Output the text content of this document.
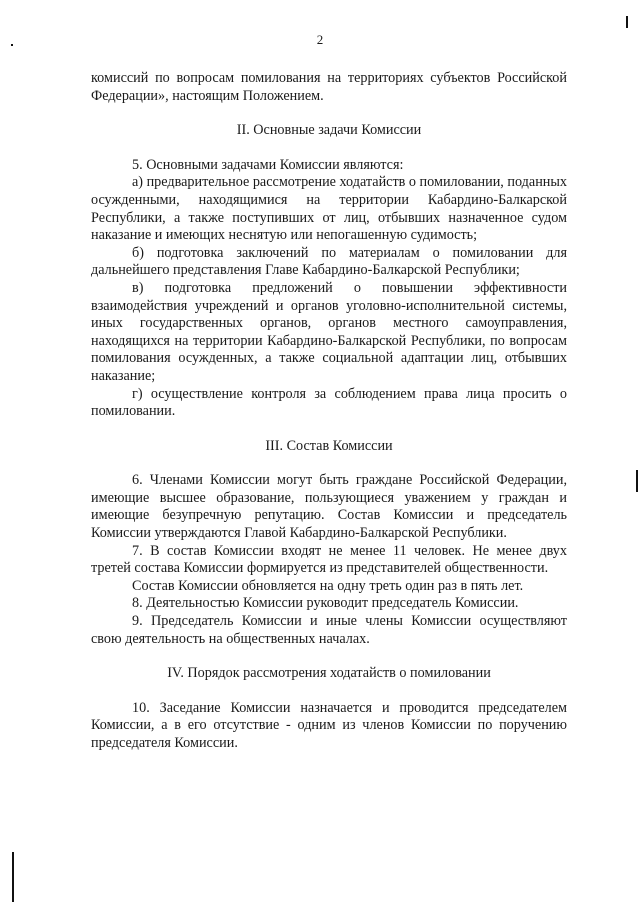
2

комиссий по вопросам помилования на территориях субъектов Российской Федерации», настоящим Положением.

II. Основные задачи Комиссии

5. Основными задачами Комиссии являются:

а) предварительное рассмотрение ходатайств о помиловании, поданных осужденными, находящимися на территории Кабардино-Балкарской Республики, а также поступивших от лиц, отбывших назначенное судом наказание и имеющих неснятую или непогашенную судимость;

б) подготовка заключений по материалам о помиловании для дальнейшего представления Главе Кабардино-Балкарской Республики;

в) подготовка предложений о повышении эффективности взаимодействия учреждений и органов уголовно-исполнительной системы, иных государственных органов, органов местного самоуправления, находящихся на территории Кабардино-Балкарской Республики, по вопросам помилования осужденных, а также социальной адаптации лиц, отбывших наказание;

г) осуществление контроля за соблюдением права лица просить о помиловании.

III. Состав Комиссии

6. Членами Комиссии могут быть граждане Российской Федерации, имеющие высшее образование, пользующиеся уважением у граждан и имеющие безупречную репутацию. Состав Комиссии и председатель Комиссии утверждаются Главой Кабардино-Балкарской Республики.

7. В состав Комиссии входят не менее 11 человек. Не менее двух третей состава Комиссии формируется из представителей общественности.

Состав Комиссии обновляется на одну треть один раз в пять лет.

8. Деятельностью Комиссии руководит председатель Комиссии.

9. Председатель Комиссии и иные члены Комиссии осуществляют свою деятельность на общественных началах.

IV. Порядок рассмотрения ходатайств о помиловании

10. Заседание Комиссии назначается и проводится председателем Комиссии, а в его отсутствие - одним из членов Комиссии по поручению председателя Комиссии.
